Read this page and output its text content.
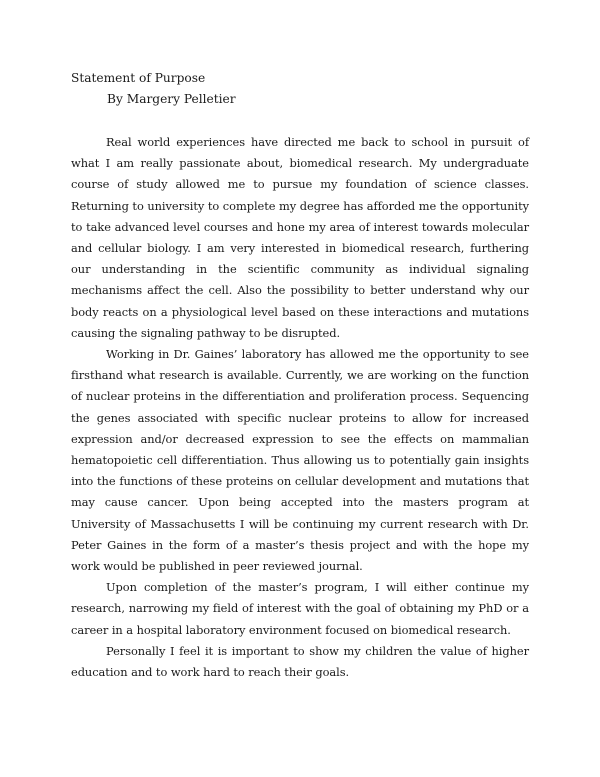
Statement of Purpose
By Margery Pelletier

Real world experiences have directed me back to school in pursuit of what I am really passionate about, biomedical research. My undergraduate course of study allowed me to pursue my foundation of science classes. Returning to university to complete my degree has afforded me the opportunity to take advanced level courses and hone my area of interest towards molecular and cellular biology. I am very interested in biomedical research, furthering our understanding in the scientific community as individual signaling mechanisms affect the cell. Also the possibility to better understand why our body reacts on a physiological level based on these interactions and mutations causing the signaling pathway to be disrupted.

Working in Dr. Gaines’ laboratory has allowed me the opportunity to see firsthand what research is available. Currently, we are working on the function of nuclear proteins in the differentiation and proliferation process. Sequencing the genes associated with specific nuclear proteins to allow for increased expression and/or decreased expression to see the effects on mammalian hematopoietic cell differentiation. Thus allowing us to potentially gain insights into the functions of these proteins on cellular development and mutations that may cause cancer. Upon being accepted into the masters program at University of Massachusetts I will be continuing my current research with Dr. Peter Gaines in the form of a master’s thesis project and with the hope my work would be published in peer reviewed journal.

Upon completion of the master’s program, I will either continue my research, narrowing my field of interest with the goal of obtaining my PhD or a career in a hospital laboratory environment focused on biomedical research.

Personally I feel it is important to show my children the value of higher education and to work hard to reach their goals.
